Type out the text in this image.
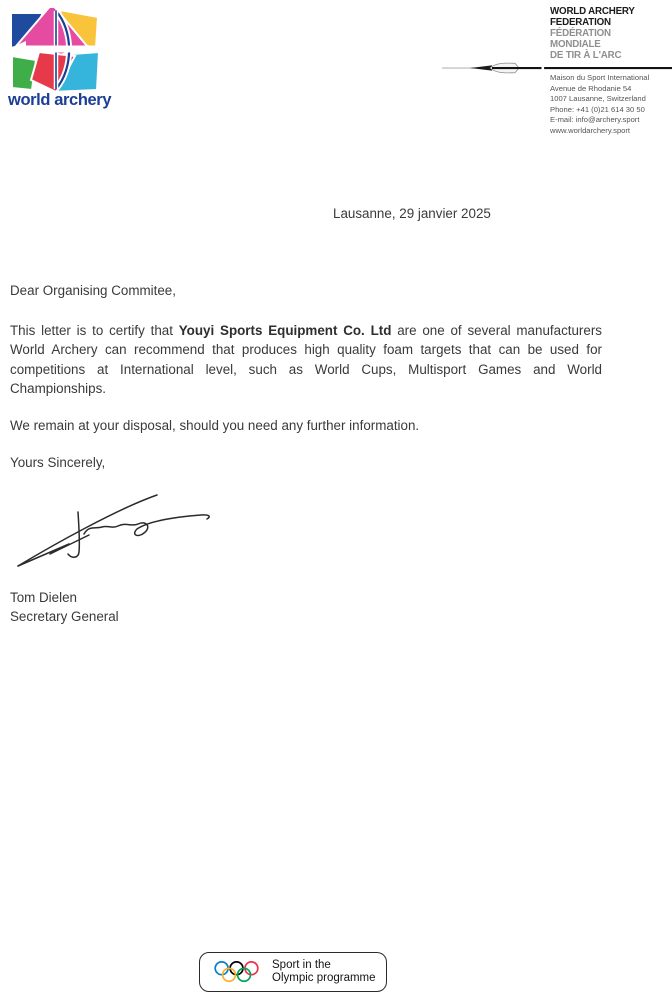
world archery
WORLD ARCHERY
FEDERATION
FÉDÉRATION
MONDIALE
DE TIR À L'ARC
Maison du Sport International
Avenue de Rhodanie 54
1007 Lausanne, Switzerland
Phone: +41 (0)21 614 30 50
E-mail: info@archery.sport
www.worldarchery.sport
Lausanne, 29 janvier 2025
Dear Organising Commitee,

This letter is to certify that Youyi Sports Equipment Co. Ltd are one of several manufacturers World Archery can recommend that produces high quality foam targets that can be used for competitions at International level, such as World Cups, Multisport Games and World Championships.

We remain at your disposal, should you need any further information.
Yours Sincerely,
Tom Dielen
Secretary General
Sport in the
Olympic programme
